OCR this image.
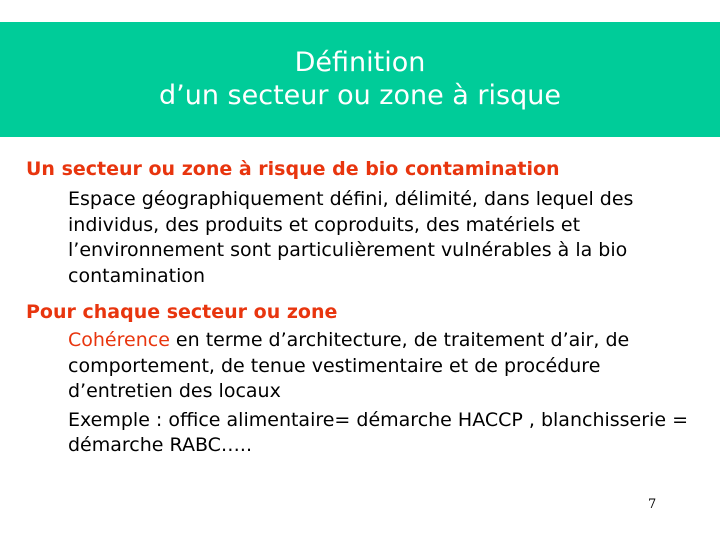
Définition
d’un secteur ou zone à risque
Un secteur ou zone à risque de bio contamination
Espace géographiquement défini, délimité, dans lequel des individus, des produits et coproduits, des matériels et l’environnement sont particulièrement vulnérables à la bio contamination
Pour chaque secteur ou zone
Cohérence en terme d’architecture, de traitement d’air, de comportement, de tenue vestimentaire et de procédure d’entretien des locaux
Exemple : office alimentaire= démarche HACCP , blanchisserie = démarche RABC…..
7
